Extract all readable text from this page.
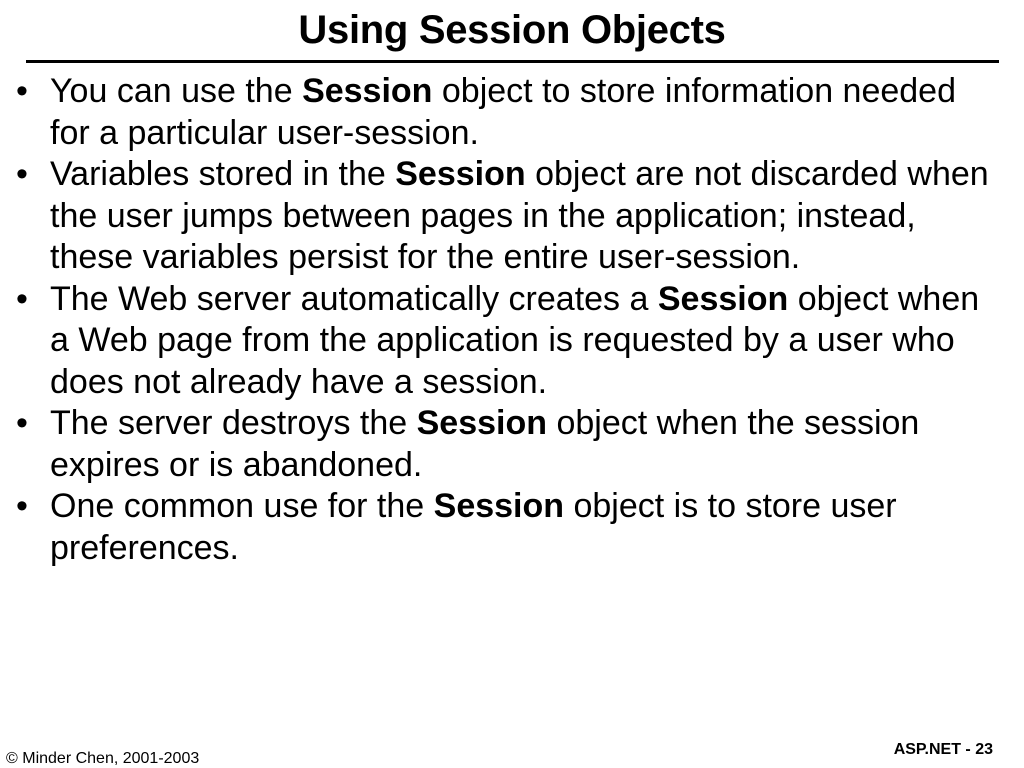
Using Session Objects
• You can use the Session object to store information needed for a particular user-session.
• Variables stored in the Session object are not discarded when the user jumps between pages in the application; instead, these variables persist for the entire user-session.
• The Web server automatically creates a Session object when a Web page from the application is requested by a user who does not already have a session.
• The server destroys the Session object when the session expires or is abandoned.
• One common use for the Session object is to store user preferences.
© Minder Chen, 2001-2003
ASP.NET - 23
